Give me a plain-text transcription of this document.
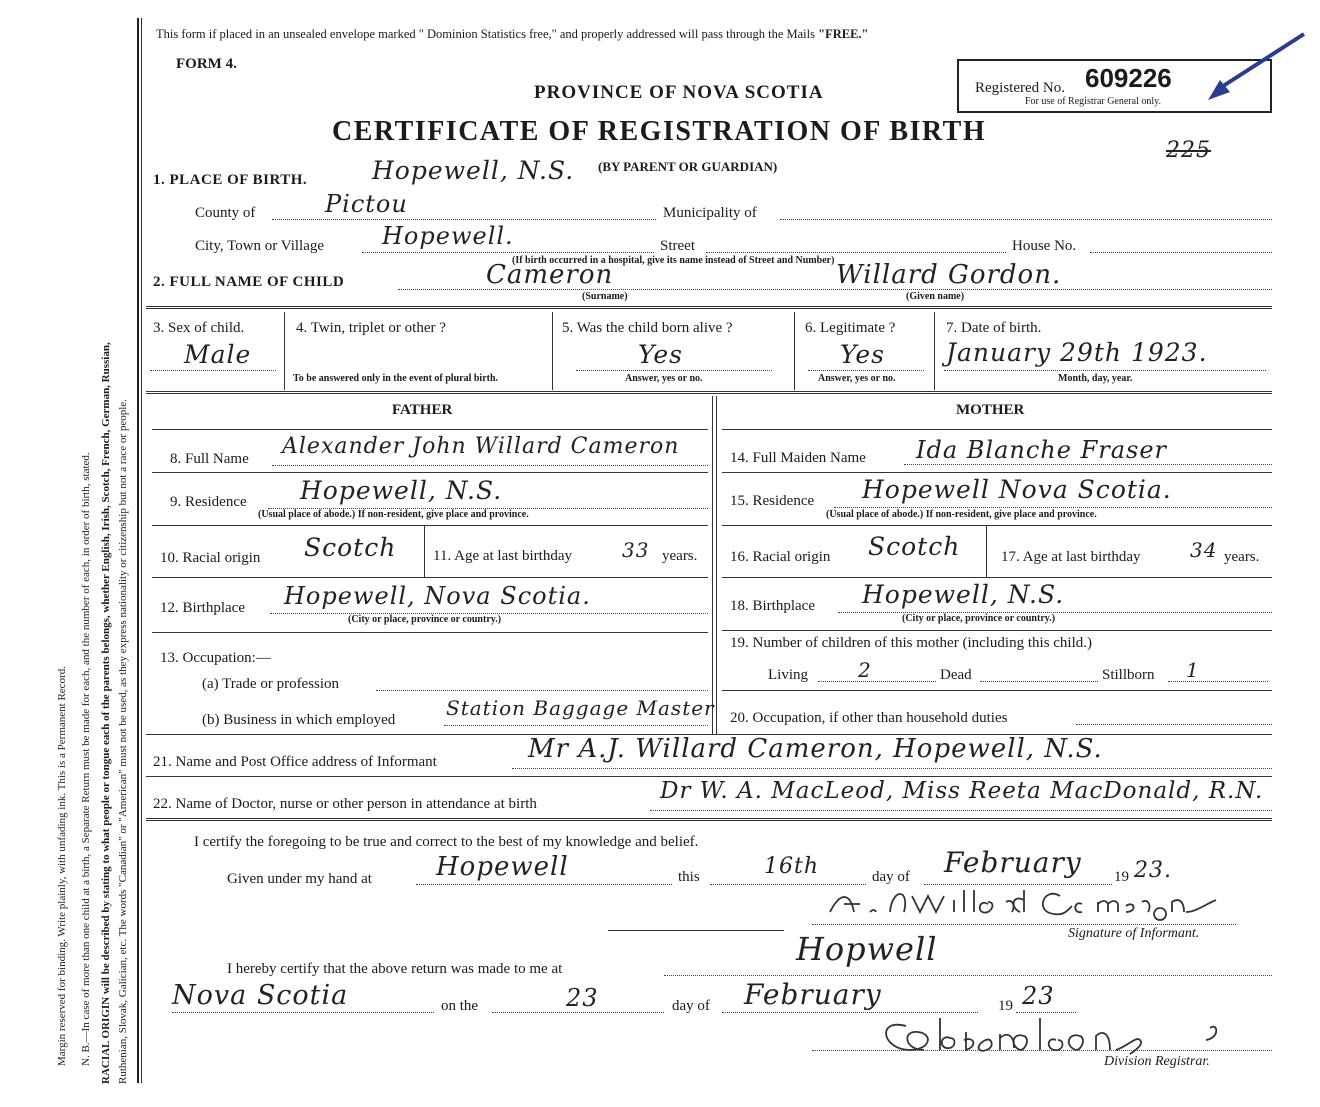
Margin reserved for binding. Write plainly, with unfading ink. This is a Permanent Record. N. B.—In case of more than one child at a birth, a Separate Return must be made for each, and the number of each, in order of birth, stated. RACIAL ORIGIN will be described by stating to what people or tongue each of the parents belongs, whether English, Irish, Scotch, French, German, Russian, Ruthenian, Slovak, Galician, etc. The words "Canadian" or "American" must not be used, as they express nationality or citizenship but not a race or people.
This form if placed in an unsealed envelope marked " Dominion Statistics free," and properly addressed will pass through the Mails "FREE."
FORM 4.
PROVINCE OF NOVA SCOTIA
CERTIFICATE OF REGISTRATION OF BIRTH
Registered No. 609226
For use of Registrar General only.
225
1. PLACE OF BIRTH.	Hopewell, N.S. (BY PARENT OR GUARDIAN)
County of	Pictou	Municipality of
City, Town or Village Hopewell.	Street	House No.
(If birth occurred in a hospital, give its name instead of Street and Number)
2. FULL NAME OF CHILD	Cameron	Willard Gordon.
(Surname)	(Given name)
3. Sex of child.
Male
4. Twin, triplet or other ?
To be answered only in the event of plural birth.
5. Was the child born alive ?
Yes
Answer, yes or no.
6. Legitimate ?
Yes
Answer, yes or no.
7. Date of birth.
January 29th 1923.
Month, day, year.
FATHER	MOTHER
8. Full Name Alexander John Willard Cameron
9. Residence Hopewell, N.S.
(Usual place of abode.) If non-resident, give place and province.
10. Racial origin Scotch 11. Age at last birthday	33 years.
12. Birthplace Hopewell, Nova Scotia.
(City or place, province or country.)
13. Occupation:—
(a) Trade or profession
(b) Business in which employed	Station Baggage Master
14. Full Maiden Name Ida Blanche Fraser
15. Residence Hopewell Nova Scotia.
(Usual place of abode.) If non-resident, give place and province.
16. Racial origin Scotch	17. Age at last birthday 34 years.
18. Birthplace Hopewell, N.S.
(City or place, province or country.)
19. Number of children of this mother (including this child.)
Living	2	Dead	Stillborn 1
20. Occupation, if other than household duties
21. Name and Post Office address of Informant	Mr A.J. Willard Cameron, Hopewell, N.S.
22. Name of Doctor, nurse or other person in attendance at birth	Dr W. A. MacLeod, Miss Reeta MacDonald, R.N.
I certify the foregoing to be true and correct to the best of my knowledge and belief.
Given under my hand at Hopewell	this	16th	day of February 19 23.
Signature of Informant.
I hereby certify that the above return was made to me at
Hopwell
Nova Scotia	on the	23	day of February	19 23
Division Registrar.
